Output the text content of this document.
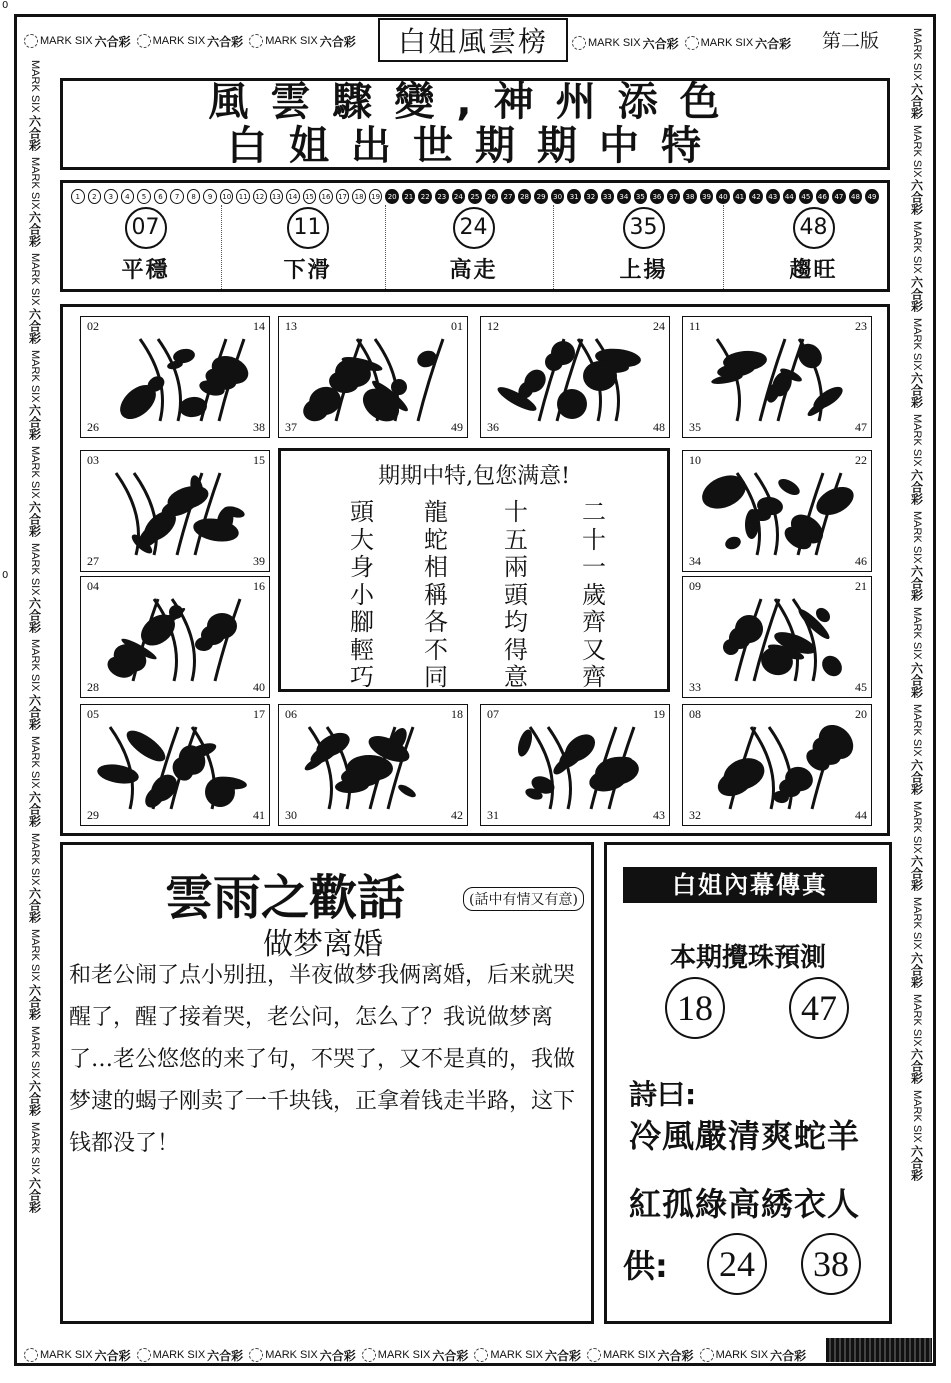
0
MARK SIX 六合彩 MARK SIX 六合彩 MARK SIX 六合彩	白姐風雲榜	MARK SIX 六合彩 MARK SIX 六合彩 第二版
MARK SIX
六合彩
MARK SIX
六合彩
MARK SIX
六合彩
MARK SIX
六合彩
MARK SIX
六合彩
MARK SIX
六合彩
MARK SIX
六合彩
MARK SIX
六合彩
MARK SIX
六合彩
MARK SIX
六合彩
MARK SIX
六合彩
MARK SIX
六合彩
MARK SIX
六合彩
MARK SIX
六合彩
MARK SIX
六合彩
MARK SIX
六合彩
MARK SIX
六合彩
MARK SIX
六合彩
MARK SIX
六合彩
MARK SIX
六合彩
MARK SIX
六合彩
MARK SIX
六合彩
MARK SIX
六合彩
MARK SIX
六合彩
0
風雲驟變,神州添色
白姐出世期期中特
1	2	3	4	5	6	7	8	9	10	11	12	13	14	15	16	17	18	19	20	21	22	23	24	25	26	27	28	29	30	31	32	33	34	35	36	37	38	39	40	41	42	43	44	45	46	47	48	49
07
平穩
11
下滑
24
高走
35
上揚
48
趨旺
期期中特,包您满意!
頭大身小腳輕巧
龍蛇相稱各不同
十五兩頭均得意
二十一歲齊又齊
雲雨之歡話	(話中有情又有意)
做梦离婚
和老公闹了点小别扭，半夜做梦我俩离婚，后来就哭醒了，醒了接着哭，老公问，怎么了？我说做梦离了…老公悠悠的来了句，不哭了，又不是真的，我做梦逮的蝎子刚卖了一千块钱，正拿着钱走半路，这下钱都没了！
白姐內幕傳真
本期攪珠預測
18	47
詩曰:
冷風嚴清爽蛇羊
紅孤綠高綉衣人
供:	24	38
MARK SIX 六合彩 MARK SIX 六合彩 MARK SIX 六合彩 MARK SIX 六合彩 MARK SIX 六合彩 MARK SIX 六合彩 MARK SIX 六合彩
02	14
26	38
13	01
37	49
12	24
36	48
11	23
35	47
03	15
27	39
10	22
34	46
04	16
28	40
09	21
33	45
05	17
29	41
06	18
30	42
07	19
31	43
08	20
32	44
